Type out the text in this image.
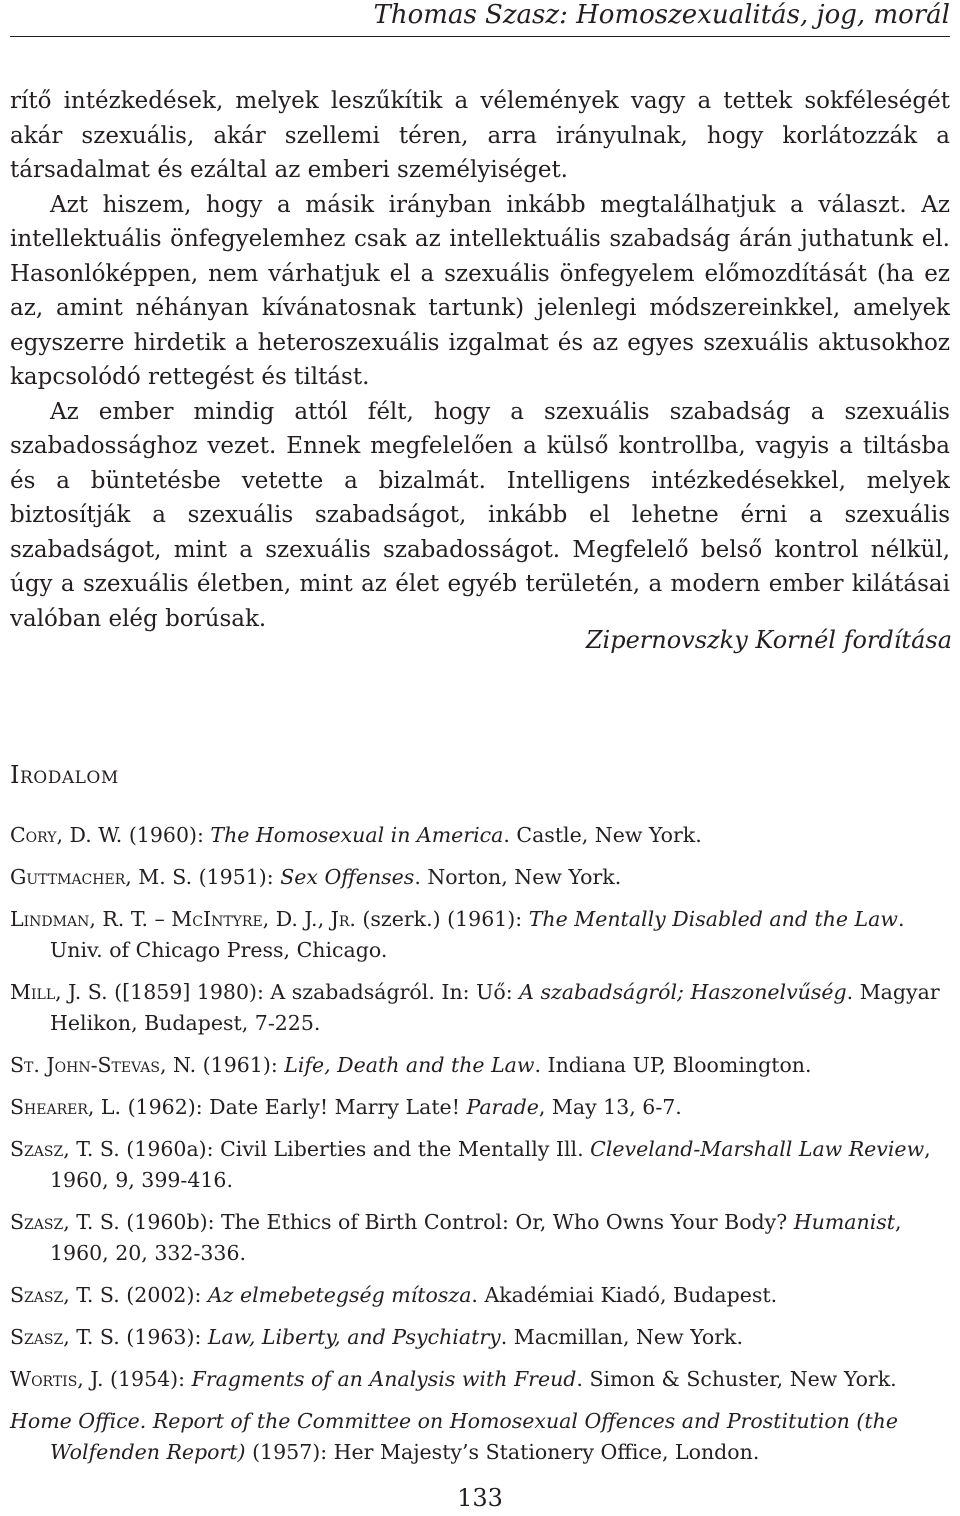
Thomas Szasz: Homoszexualitás, jog, morál

rítő intézkedések, melyek leszűkítik a vélemények vagy a tettek sokféleségét akár szexuális, akár szellemi téren, arra irányulnak, hogy korlátozzák a társadalmat és ezáltal az emberi személyiséget.

Azt hiszem, hogy a másik irányban inkább megtalálhatjuk a választ. Az intellektuális önfegyelemhez csak az intellektuális szabadság árán juthatunk el. Hasonlóképpen, nem várhatjuk el a szexuális önfegyelem előmozdítását (ha ez az, amint néhányan kívánatosnak tartunk) jelenlegi módszereinkkel, amelyek egyszerre hirdetik a heteroszexuális izgalmat és az egyes szexuális aktusokhoz kapcsolódó rettegést és tiltást.

Az ember mindig attól félt, hogy a szexuális szabadság a szexuális szabadossághoz vezet. Ennek megfelelően a külső kontrollba, vagyis a tiltásba és a büntetésbe vetette a bizalmát. Intelligens intézkedésekkel, melyek biztosítják a szexuális szabadságot, inkább el lehetne érni a szexuális szabadságot, mint a szexuális szabadosságot. Megfelelő belső kontrol nélkül, úgy a szexuális életben, mint az élet egyéb területén, a modern ember kilátásai valóban elég borúsak.

Zipernovszky Kornél fordítása
Irodalom

Cory, D. W. (1960): The Homosexual in America. Castle, New York.

Guttmacher, M. S. (1951): Sex Offenses. Norton, New York.

Lindman, R. T. – McIntyre, D. J., Jr. (szerk.) (1961): The Mentally Disabled and the Law. Univ. of Chicago Press, Chicago.

Mill, J. S. ([1859] 1980): A szabadságról. In: Uő: A szabadságról; Haszonelvűség. Magyar Helikon, Budapest, 7-225.

St. John-Stevas, N. (1961): Life, Death and the Law. Indiana UP, Bloomington.

Shearer, L. (1962): Date Early! Marry Late! Parade, May 13, 6-7.

Szasz, T. S. (1960a): Civil Liberties and the Mentally Ill. Cleveland-Marshall Law Review, 1960, 9, 399-416.

Szasz, T. S. (1960b): The Ethics of Birth Control: Or, Who Owns Your Body? Humanist, 1960, 20, 332-336.

Szasz, T. S. (2002): Az elmebetegség mítosza. Akadémiai Kiadó, Budapest.

Szasz, T. S. (1963): Law, Liberty, and Psychiatry. Macmillan, New York.

Wortis, J. (1954): Fragments of an Analysis with Freud. Simon & Schuster, New York.

Home Office. Report of the Committee on Homosexual Offences and Prostitution (the Wolfenden Report) (1957): Her Majesty’s Stationery Office, London.

133
